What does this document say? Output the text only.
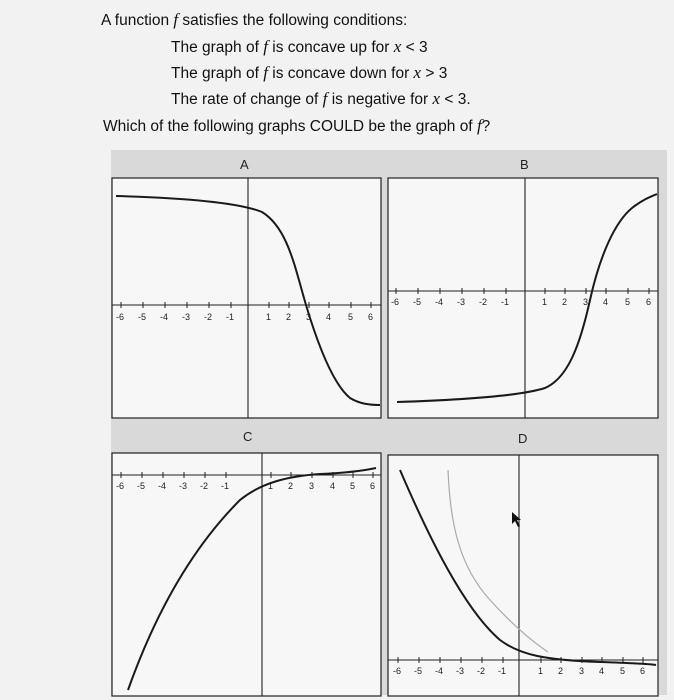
A function f satisfies the following conditions:
The graph of f is concave up for x < 3
The graph of f is concave down for x > 3
The rate of change of f is negative for x < 3.
Which of the following graphs COULD be the graph of f?
A
-6 -5 -4 -3 -2 -1	1 2 3 4 5 6
B
-6 -5 -4 -3 -2 -1	1 2 3 4 5 6
C
-6 -5 -4 -3 -2 -1	1 2 3 4 5 6
D
-6 -5 -4 -3 -2 -1	1 2 3 4 5 6
